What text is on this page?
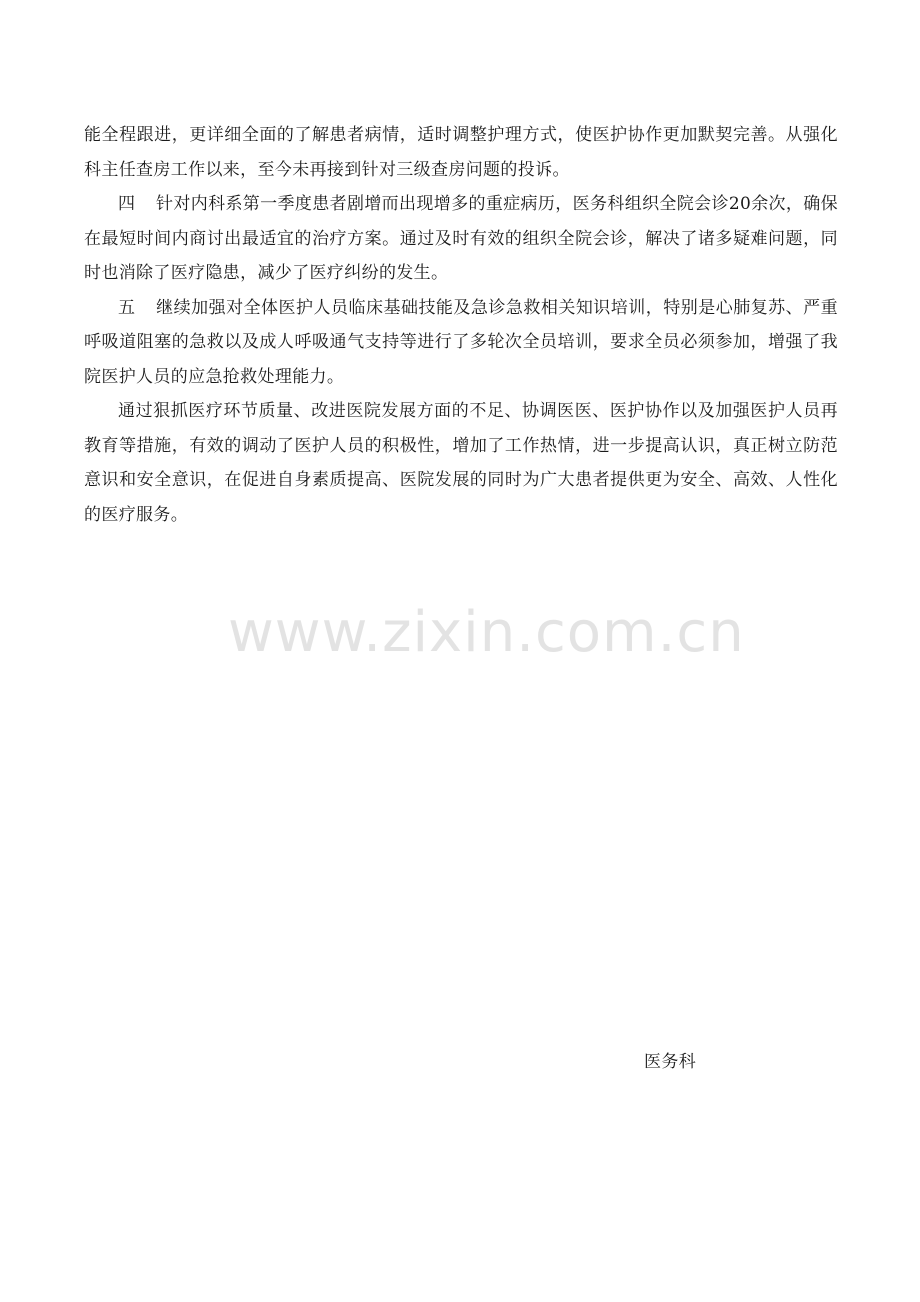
能全程跟进，更详细全面的了解患者病情，适时调整护理方式，使医护协作更加默契完善。从强化科主任查房工作以来，至今未再接到针对三级查房问题的投诉。

四 针对内科系第一季度患者剧增而出现增多的重症病历，医务科组织全院会诊20余次，确保在最短时间内商讨出最适宜的治疗方案。通过及时有效的组织全院会诊，解决了诸多疑难问题，同时也消除了医疗隐患，减少了医疗纠纷的发生。

五 继续加强对全体医护人员临床基础技能及急诊急救相关知识培训，特别是心肺复苏、严重呼吸道阻塞的急救以及成人呼吸通气支持等进行了多轮次全员培训，要求全员必须参加，增强了我院医护人员的应急抢救处理能力。

通过狠抓医疗环节质量、改进医院发展方面的不足、协调医医、医护协作以及加强医护人员再教育等措施，有效的调动了医护人员的积极性，增加了工作热情，进一步提高认识，真正树立防范意识和安全意识，在促进自身素质提高、医院发展的同时为广大患者提供更为安全、高效、人性化的医疗服务。

www.zixin.com.cn
医务科
